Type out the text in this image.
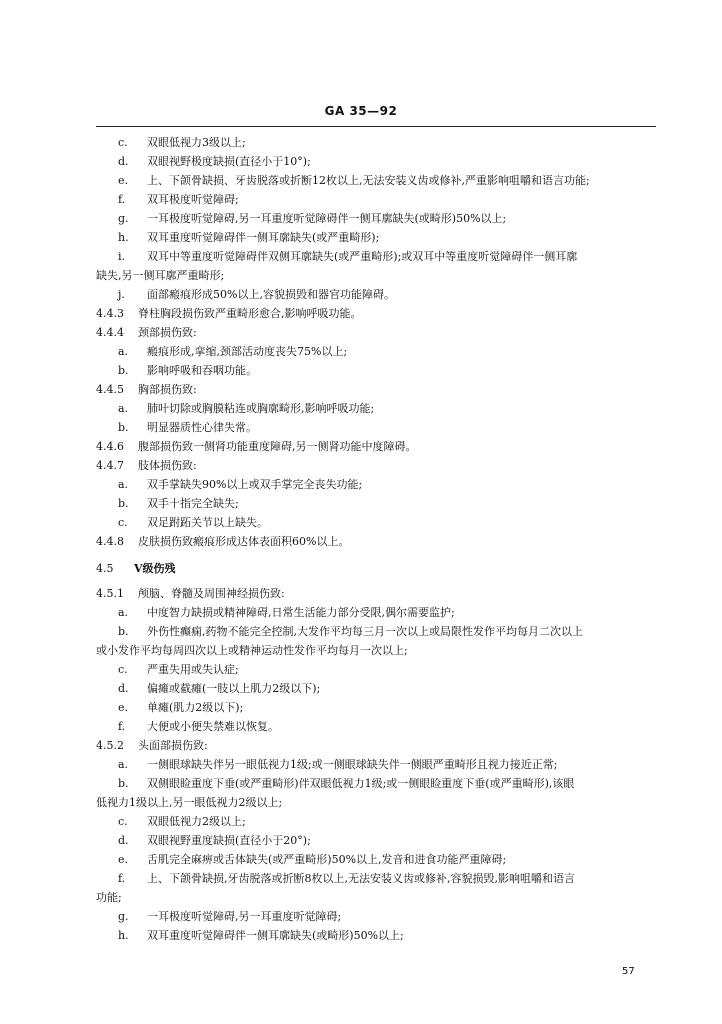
GA 35—92
c.	双眼低视力3级以上;
d.	双眼视野极度缺损(直径小于10°);
e.	上、下颌骨缺损、牙齿脱落或折断12枚以上,无法安装义齿或修补,严重影响咀嚼和语言功能;
f.	双耳极度听觉障碍;
g.	一耳极度听觉障碍,另一耳重度听觉障碍伴一侧耳廓缺失(或畸形)50%以上;
h.	双耳重度听觉障碍伴一侧耳廓缺失(或严重畸形);
i.	双耳中等重度听觉障碍伴双侧耳廓缺失(或严重畸形);或双耳中等重度听觉障碍伴一侧耳廓
缺失,另一侧耳廓严重畸形;
j.	面部瘢痕形成50%以上,容貌损毁和器官功能障碍。
4.4.3 脊柱胸段损伤致严重畸形愈合,影响呼吸功能。
4.4.4 颈部损伤致:
a.	瘢痕形成,挛缩,颈部活动度丧失75%以上;
b.	影响呼吸和吞咽功能。
4.4.5 胸部损伤致:
a.	肺叶切除或胸膜粘连或胸廓畸形,影响呼吸功能;
b.	明显器质性心律失常。
4.4.6 腹部损伤致一侧肾功能重度障碍,另一侧肾功能中度障碍。
4.4.7 肢体损伤致:
a.	双手掌缺失90%以上或双手掌完全丧失功能;
b.	双手十指完全缺失;
c.	双足跗跖关节以上缺失。
4.4.8 皮肤损伤致瘢痕形成达体表面积60%以上。
4.5 Ⅴ级伤残
4.5.1 颅脑、脊髓及周围神经损伤致:
a.	中度智力缺损或精神障碍,日常生活能力部分受限,偶尔需要监护;
b.	外伤性癫痫,药物不能完全控制,大发作平均每三月一次以上或局限性发作平均每月二次以上
或小发作平均每周四次以上或精神运动性发作平均每月一次以上;
c.	严重失用或失认症;
d.	偏瘫或截瘫(一肢以上肌力2级以下);
e.	单瘫(肌力2级以下);
f.	大便或小便失禁难以恢复。
4.5.2 头面部损伤致:
a.	一侧眼球缺失伴另一眼低视力1级;或一侧眼球缺失伴一侧眼严重畸形且视力接近正常;
b.	双侧眼睑重度下垂(或严重畸形)伴双眼低视力1级;或一侧眼睑重度下垂(或严重畸形),该眼
低视力1级以上,另一眼低视力2级以上;
c.	双眼低视力2级以上;
d.	双眼视野重度缺损(直径小于20°);
e.	舌肌完全麻痹或舌体缺失(或严重畸形)50%以上,发音和进食功能严重障碍;
f.	上、下颌骨缺损,牙齿脱落或折断8枚以上,无法安装义齿或修补,容貌损毁,影响咀嚼和语言
功能;
g.	一耳极度听觉障碍,另一耳重度听觉障碍;
h.	双耳重度听觉障碍伴一侧耳廓缺失(或畸形)50%以上;
57
